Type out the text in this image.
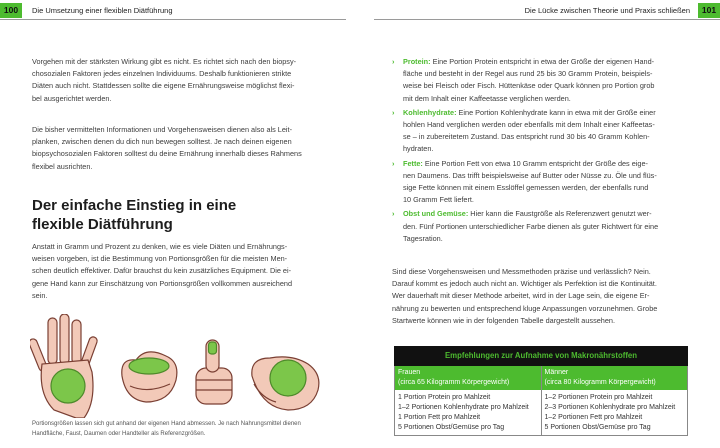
100	Die Umsetzung einer flexiblen Diätführung	Die Lücke zwischen Theorie und Praxis schließen	101

Vorgehen mit der stärksten Wirkung gibt es nicht. Es richtet sich nach den biopsy-
chosozialen Faktoren jedes einzelnen Individuums. Deshalb funktionieren strikte
Diäten auch nicht. Stattdessen sollte die eigene Ernährungsweise möglichst flexi-
bel ausgerichtet werden.

Die bisher vermittelten Informationen und Vorgehensweisen dienen also als Leit-
planken, zwischen denen du dich nun bewegen solltest. Je nach deinen eigenen
biopsychosozialen Faktoren solltest du deine Ernährung innerhalb dieses Rahmens
flexibel ausrichten.

Der einfache Einstieg in eine
flexible Diätführung

Anstatt in Gramm und Prozent zu denken, wie es viele Diäten und Ernährungs-
weisen vorgeben, ist die Bestimmung von Portionsgrößen für die meisten Men-
schen deutlich effektiver. Dafür brauchst du kein zusätzliches Equipment. Die ei-
gene Hand kann zur Einschätzung von Portionsgrößen vollkommen ausreichend
sein.

Portionsgrößen lassen sich gut anhand der eigenen Hand abmessen. Je nach Nahrungsmittel dienen
Handfläche, Faust, Daumen oder Handteller als Referenzgrößen.
› Protein: Eine Portion Protein entspricht in etwa der Größe der eigenen Hand-
fläche und besteht in der Regel aus rund 25 bis 30 Gramm Protein, beispiels-
weise bei Fleisch oder Fisch. Hüttenkäse oder Quark können pro Portion grob
mit dem Inhalt einer Kaffeetasse verglichen werden.
› Kohlenhydrate: Eine Portion Kohlenhydrate kann in etwa mit der Größe einer
hohlen Hand verglichen werden oder ebenfalls mit dem Inhalt einer Kaffeetas-
se – in zubereitetem Zustand. Das entspricht rund 30 bis 40 Gramm Kohlen-
hydraten.
› Fette: Eine Portion Fett von etwa 10 Gramm entspricht der Größe des eige-
nen Daumens. Das trifft beispielsweise auf Butter oder Nüsse zu. Öle und flüs-
sige Fette können mit einem Esslöffel gemessen werden, der ebenfalls rund
10 Gramm Fett liefert.
› Obst und Gemüse: Hier kann die Faustgröße als Referenzwert genutzt wer-
den. Fünf Portionen unterschiedlicher Farbe dienen als guter Richtwert für eine
Tagesration.

Sind diese Vorgehensweisen und Messmethoden präzise und verlässlich? Nein.
Darauf kommt es jedoch auch nicht an. Wichtiger als Perfektion ist die Kontinuität.
Wer dauerhaft mit dieser Methode arbeitet, wird in der Lage sein, die eigene Er-
nährung zu bewerten und entsprechend kluge Anpassungen vorzunehmen. Grobe
Startwerte können wie in der folgenden Tabelle dargestellt aussehen.

Empfehlungen zur Aufnahme von Makronährstoffen
Frauen
(circa 65 Kilogramm Körpergewicht)
1 Portion Protein pro Mahlzeit
1–2 Portionen Kohlenhydrate pro Mahlzeit
1 Portion Fett pro Mahlzeit
5 Portionen Obst/Gemüse pro Tag
Männer
(circa 80 Kilogramm Körpergewicht)
1–2 Portionen Protein pro Mahlzeit
2–3 Portionen Kohlenhydrate pro Mahlzeit
1–2 Portionen Fett pro Mahlzeit
5 Portionen Obst/Gemüse pro Tag
